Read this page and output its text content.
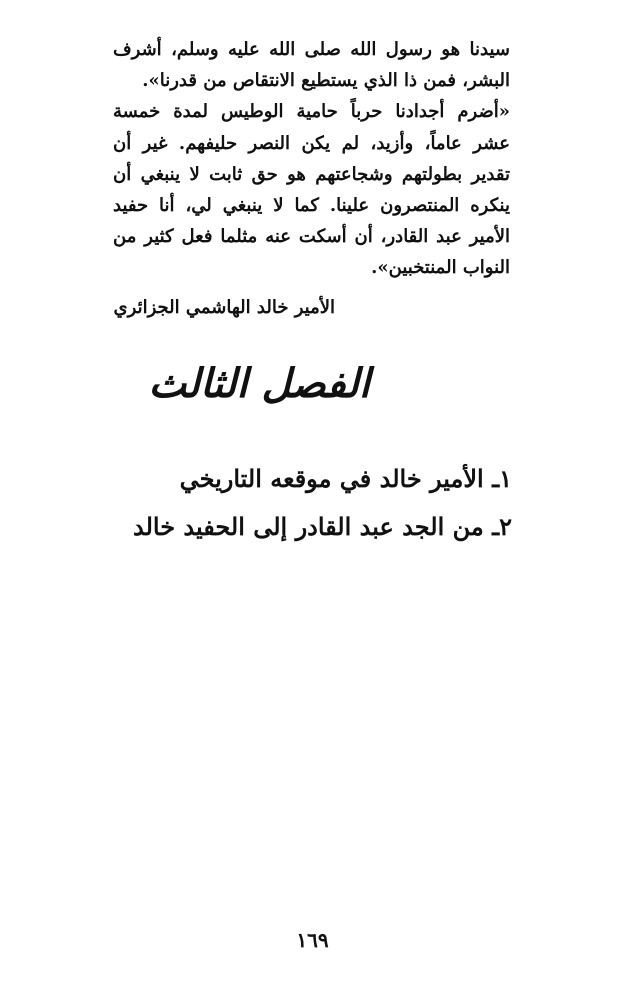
سيدنا هو رسول الله صلى الله عليه وسلم، أشرف البشر، فمن ذا الذي يستطيع الانتقاص من قدرنا».

«أضرم أجدادنا حرباً حامية الوطيس لمدة خمسة عشر عاماً، وأزيد، لم يكن النصر حليفهم. غير أن تقدير بطولتهم وشجاعتهم هو حق ثابت لا ينبغي أن ينكره المنتصرون علينا. كما لا ينبغي لي، أنا حفيد الأمير عبد القادر، أن أسكت عنه مثلما فعل كثير من النواب المنتخبين».

الأمير خالد الهاشمي الجزائري
الفصل الثالث
١ـ الأمير خالد في موقعه التاريخي
٢ـ من الجد عبد القادر إلى الحفيد خالد
١٦٩
